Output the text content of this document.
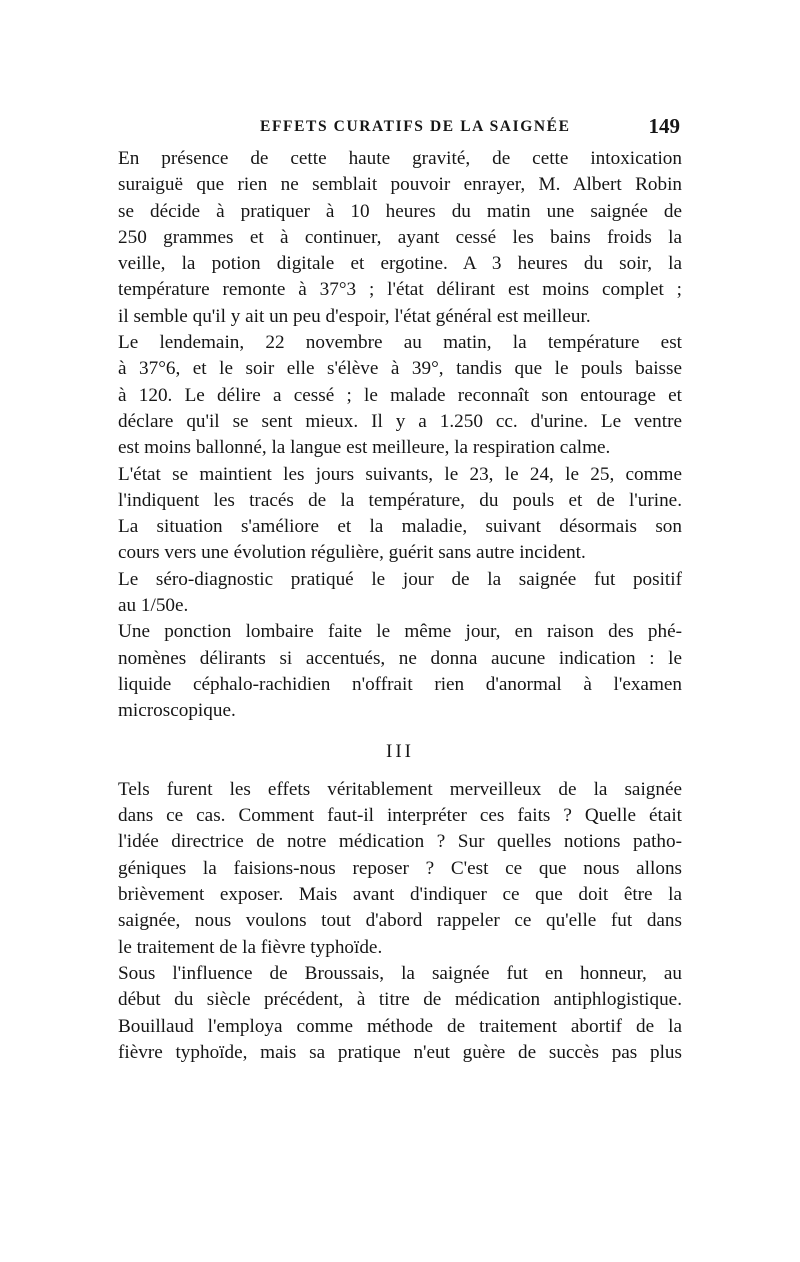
EFFETS CURATIFS DE LA SAIGNÉE	149
En présence de cette haute gravité, de cette intoxication
suraiguë que rien ne semblait pouvoir enrayer, M. Albert Robin
se décide à pratiquer à 10 heures du matin une saignée de
250 grammes et à continuer, ayant cessé les bains froids la
veille, la potion digitale et ergotine. A 3 heures du soir, la
température remonte à 37°3 ; l'état délirant est moins complet ;
il semble qu'il y ait un peu d'espoir, l'état général est meilleur.
Le lendemain, 22 novembre au matin, la température est
à 37°6, et le soir elle s'élève à 39°, tandis que le pouls baisse
à 120. Le délire a cessé ; le malade reconnaît son entourage et
déclare qu'il se sent mieux. Il y a 1.250 cc. d'urine. Le ventre
est moins ballonné, la langue est meilleure, la respiration calme.
L'état se maintient les jours suivants, le 23, le 24, le 25, comme
l'indiquent les tracés de la température, du pouls et de l'urine.
La situation s'améliore et la maladie, suivant désormais son
cours vers une évolution régulière, guérit sans autre incident.
Le séro-diagnostic pratiqué le jour de la saignée fut positif
au 1/50e.
Une ponction lombaire faite le même jour, en raison des phé-
nomènes délirants si accentués, ne donna aucune indication : le
liquide céphalo-rachidien n'offrait rien d'anormal à l'examen
microscopique.
III
Tels furent les effets véritablement merveilleux de la saignée
dans ce cas. Comment faut-il interpréter ces faits ? Quelle était
l'idée directrice de notre médication ? Sur quelles notions patho-
géniques la faisions-nous reposer ? C'est ce que nous allons
brièvement exposer. Mais avant d'indiquer ce que doit être la
saignée, nous voulons tout d'abord rappeler ce qu'elle fut dans
le traitement de la fièvre typhoïde.
Sous l'influence de Broussais, la saignée fut en honneur, au
début du siècle précédent, à titre de médication antiphlogistique.
Bouillaud l'employa comme méthode de traitement abortif de la
fièvre typhoïde, mais sa pratique n'eut guère de succès pas plus
